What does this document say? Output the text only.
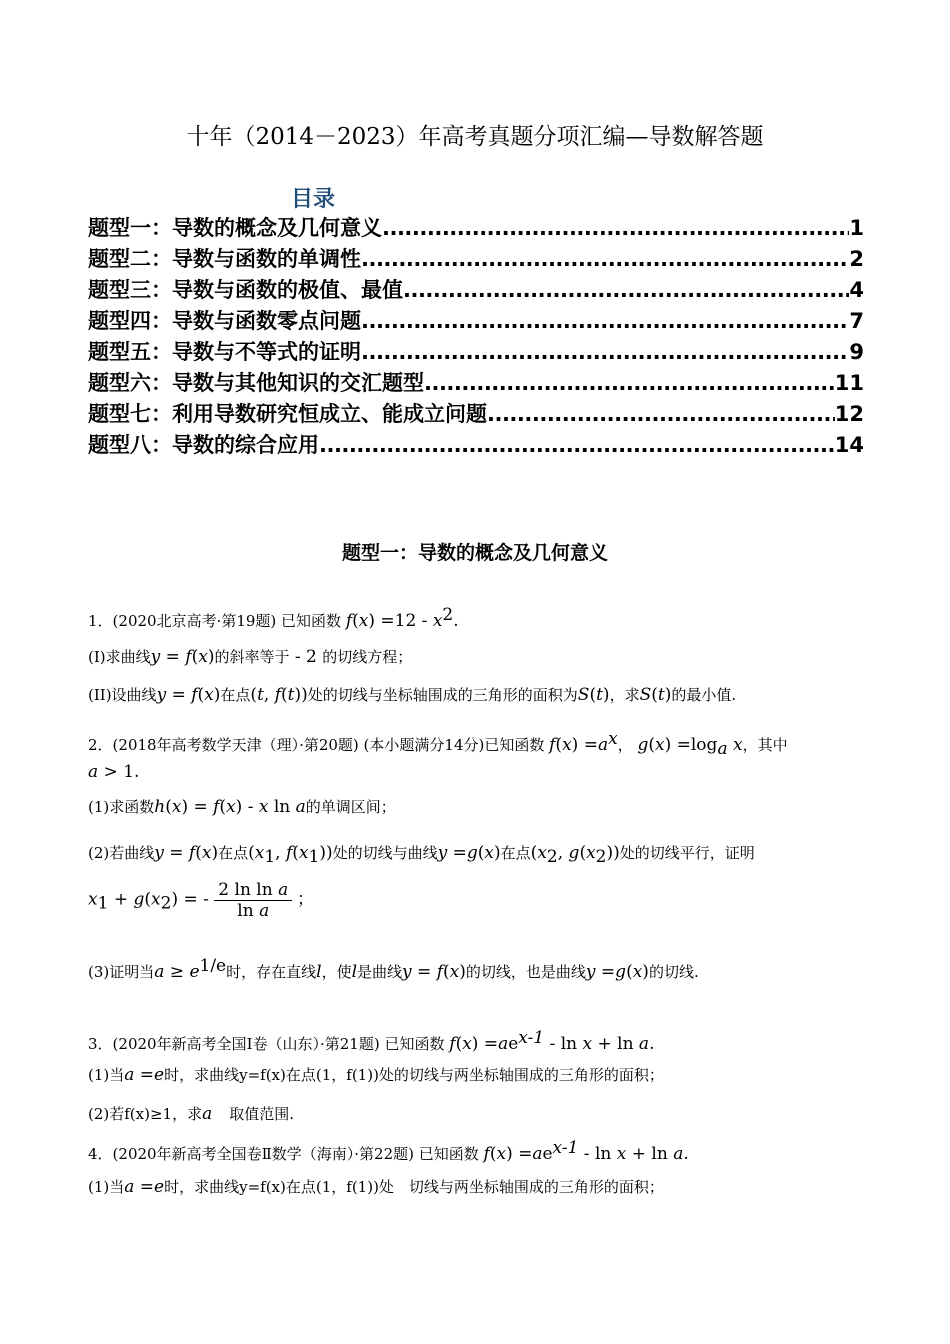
十年（2014－2023）年高考真题分项汇编—导数解答题
目录
题型一：导数的概念及几何意义 .....	1
题型二：导数与函数的单调性 .....	2
题型三：导数与函数的极值、最值 .....	4
题型四：导数与函数零点问题 .....	7
题型五：导数与不等式的证明 .....	9
题型六：导数与其他知识的交汇题型 .....	11
题型七：利用导数研究恒成立、能成立问题 .....	12
题型八：导数的综合应用 .....	14
题型一：导数的概念及几何意义
1．(2020北京高考·第19题) 已知函数 $f(x) =12 - x^2$.
(I)求曲线y = f(x)的斜率等于 - 2 的切线方程；
(II)设曲线y = f(x)在点(t, f(t))处的切线与坐标轴围成的三角形的面积为S(t)，求S(t)的最小值.
2．(2018年高考数学天津（理）·第20题) (本小题满分14分)已知函数 $f(x) =a^x$， $g(x) =\log_a$ x，其中
a > 1.
(1)求函数h(x) = f(x) - x ln a的单调区间；
(2)若曲线y = f(x)在点($x_1$, $f(x_1)$)处的切线与曲线y =g(x)在点($x_2$, $g(x_2)$)处的切线平行，证明
$x_1 + g(x_2)$ = - $\frac{\text{2 ln ln a}}{\text{ln a}}$ ；
(3)证明当$a \ge e^{1/e}$时，存在直线l，使l是曲线y = f(x)的切线，也是曲线y =g(x)的切线.
3．(2020年新高考全国Ⅰ卷（山东）·第21题) 已知函数 $f(x) =ae^{x-1} - \ln x + \ln a$.
(1)当a =e时，求曲线y=f(x)在点(1，f(1))处的切线与两坐标轴围成的三角形的面积；
(2)若f(x)≥1，求a　 取值范围.
4．(2020年新高考全国卷Ⅱ数学（海南）·第22题) 已知函数 $f(x) =ae^{x-1} - \ln x + \ln a$.
(1)当a =e时，求曲线y=f(x)在点(1，f(1))处　切线与两坐标轴围成的三角形的面积；
